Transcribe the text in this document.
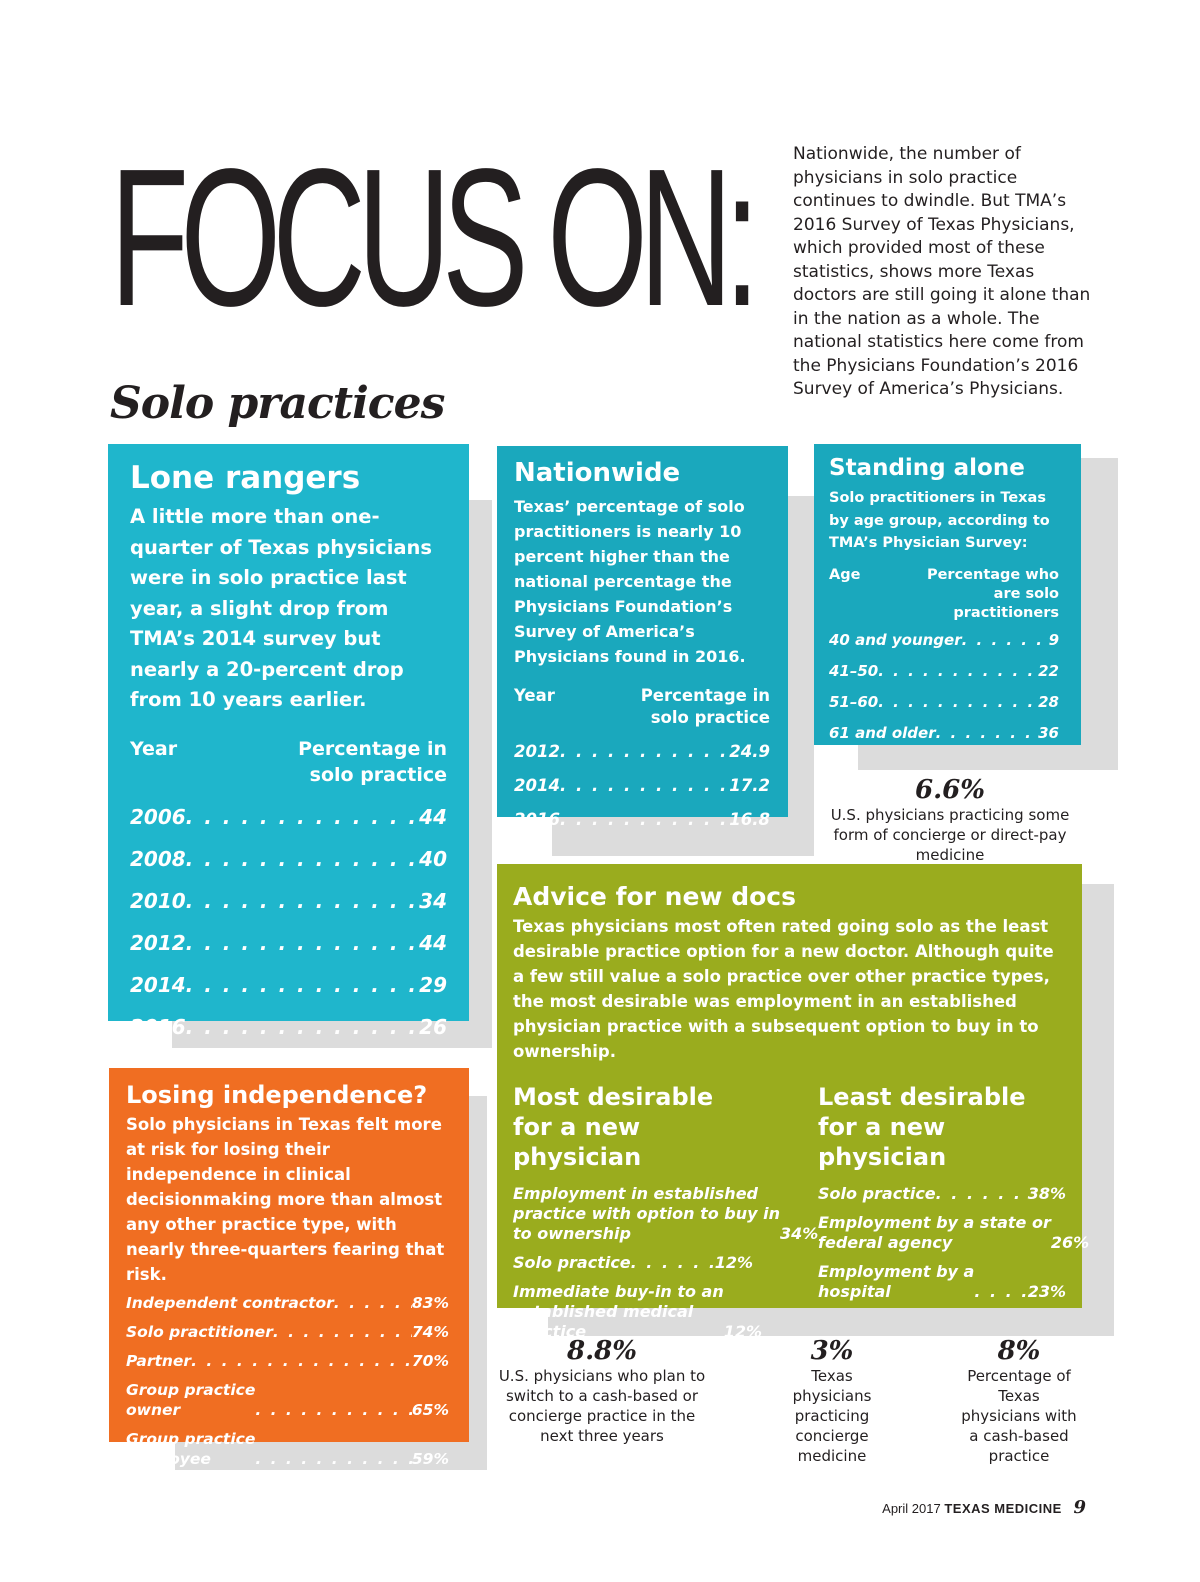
FOCUS ON:
Solo practices
Nationwide, the number of physicians in solo practice continues to dwindle. But TMA’s 2016 Survey of Texas Physicians, which provided most of these statistics, shows more Texas doctors are still going it alone than in the nation as a whole. The national statistics here come from the Physicians Foundation’s 2016 Survey of America’s Physicians.
Lone rangers
A little more than one-quarter of Texas physicians were in solo practice last year, a slight drop from TMA’s 2014 survey but nearly a 20-percent drop from 10 years earlier.
Year	Percentage in solo practice
2006 . . .	44
2008 . . .	40
2010 . . .	34
2012 . . .	44
2014 . . .	29
2016 . . .	26
Nationwide
Texas’ percentage of solo practitioners is nearly 10 percent higher than the national percentage the Physicians Foundation’s Survey of America’s Physicians found in 2016.
Year	Percentage in solo practice
2012 . . .	24.9
2014 . . .	17.2
2016 . . .	16.8
Standing alone
Solo practitioners in Texas by age group, according to TMA’s Physician Survey:
Age	Percentage who are solo practitioners
40 and younger . . .	9
41–50 . . .	22
51–60 . . .	28
61 and older . . .	36
6.6%
U.S. physicians practicing some form of concierge or direct-pay medicine
Advice for new docs
Texas physicians most often rated going solo as the least desirable practice option for a new doctor. Although quite a few still value a solo practice over other practice types, the most desirable was employment in an established physician practice with a subsequent option to buy in to ownership.
Most desirable for a new physician
Employment in established
practice with option to buy in
to ownership	34%
Solo practice . . .	12%
Immediate buy-in to an
established medical
practice	12%
Least desirable for a new physician
Solo practice . . .	38%
Employment by a state or
federal agency	26%
Employment by a
hospital . . .	23%
Losing independence?
Solo physicians in Texas felt more at risk for losing their independence in clinical decisionmaking more than almost any other practice type, with nearly three-quarters fearing that risk.
Independent contractor . . .	83%
Solo practitioner . . .	74%
Partner . . .	70%
Group practice
owner . . .	65%
Group practice
employee . . .	59%
8.8%
U.S. physicians who plan to switch to a cash-based or concierge practice in the next three years
3%
Texas physicians practicing concierge medicine
8%
Percentage of Texas physicians with a cash-based practice
April 2017 TEXAS MEDICINE 9
